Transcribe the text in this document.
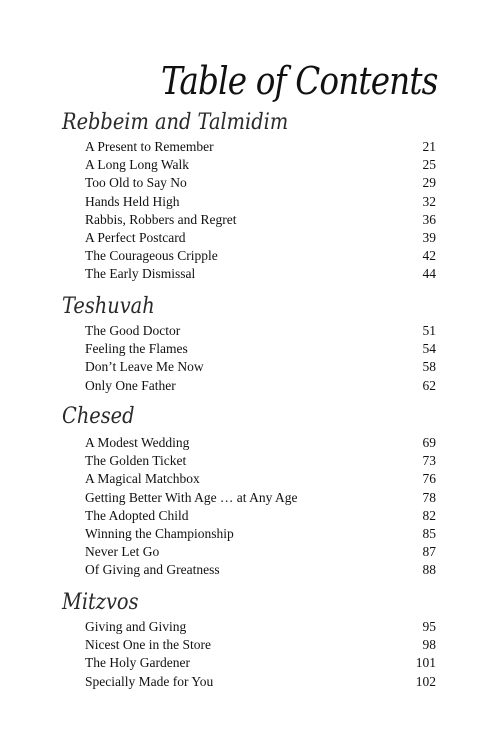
Table of Contents
Rebbeim and Talmidim
A Present to Remember	21
A Long Long Walk	25
Too Old to Say No	29
Hands Held High	32
Rabbis, Robbers and Regret	36
A Perfect Postcard	39
The Courageous Cripple	42
The Early Dismissal	44
Teshuvah
The Good Doctor	51
Feeling the Flames	54
Don’t Leave Me Now	58
Only One Father	62
Chesed
A Modest Wedding	69
The Golden Ticket	73
A Magical Matchbox	76
Getting Better With Age … at Any Age	78
The Adopted Child	82
Winning the Championship	85
Never Let Go	87
Of Giving and Greatness	88
Mitzvos
Giving and Giving	95
Nicest One in the Store	98
The Holy Gardener	101
Specially Made for You	102
